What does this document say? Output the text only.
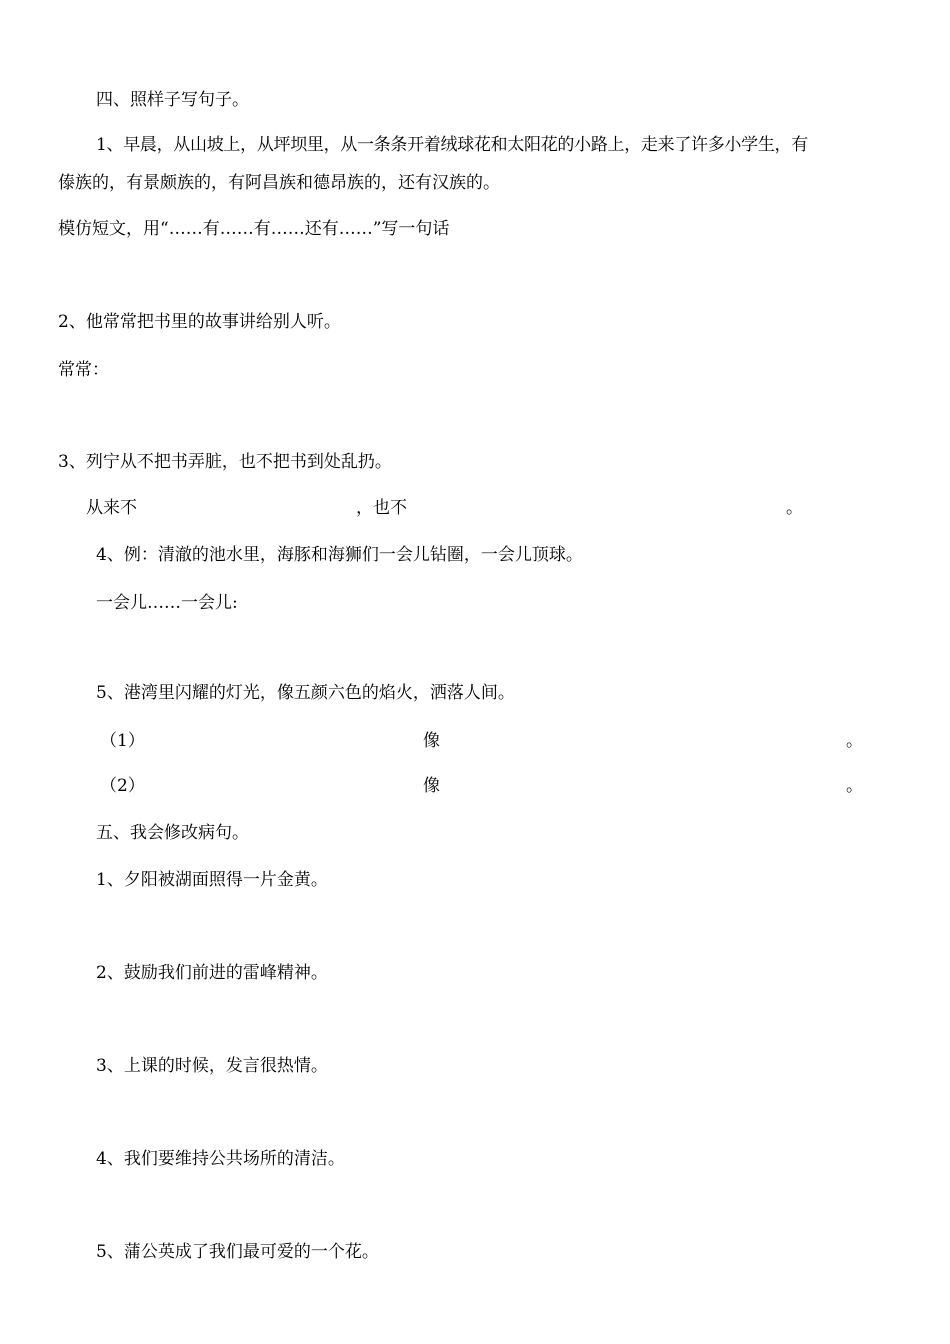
四、照样子写句子。
1、早晨，从山坡上，从坪坝里，从一条条开着绒球花和太阳花的小路上，走来了许多小学生，有
傣族的，有景颇族的，有阿昌族和德昂族的，还有汉族的。
模仿短文，用“……有……有……还有……”写一句话
2、他常常把书里的故事讲给别人听。
常常：
3、列宁从不把书弄脏，也不把书到处乱扔。
从来不	，也不	。
4、例：清澈的池水里，海豚和海狮们一会儿钻圈，一会儿顶球。
一会儿……一会儿:
5、港湾里闪耀的灯光，像五颜六色的焰火，洒落人间。
（1）	像	。
（2）	像	。
五、我会修改病句。
1、夕阳被湖面照得一片金黄。
2、鼓励我们前进的雷峰精神。
3、上课的时候，发言很热情。
4、我们要维持公共场所的清洁。
5、蒲公英成了我们最可爱的一个花。
